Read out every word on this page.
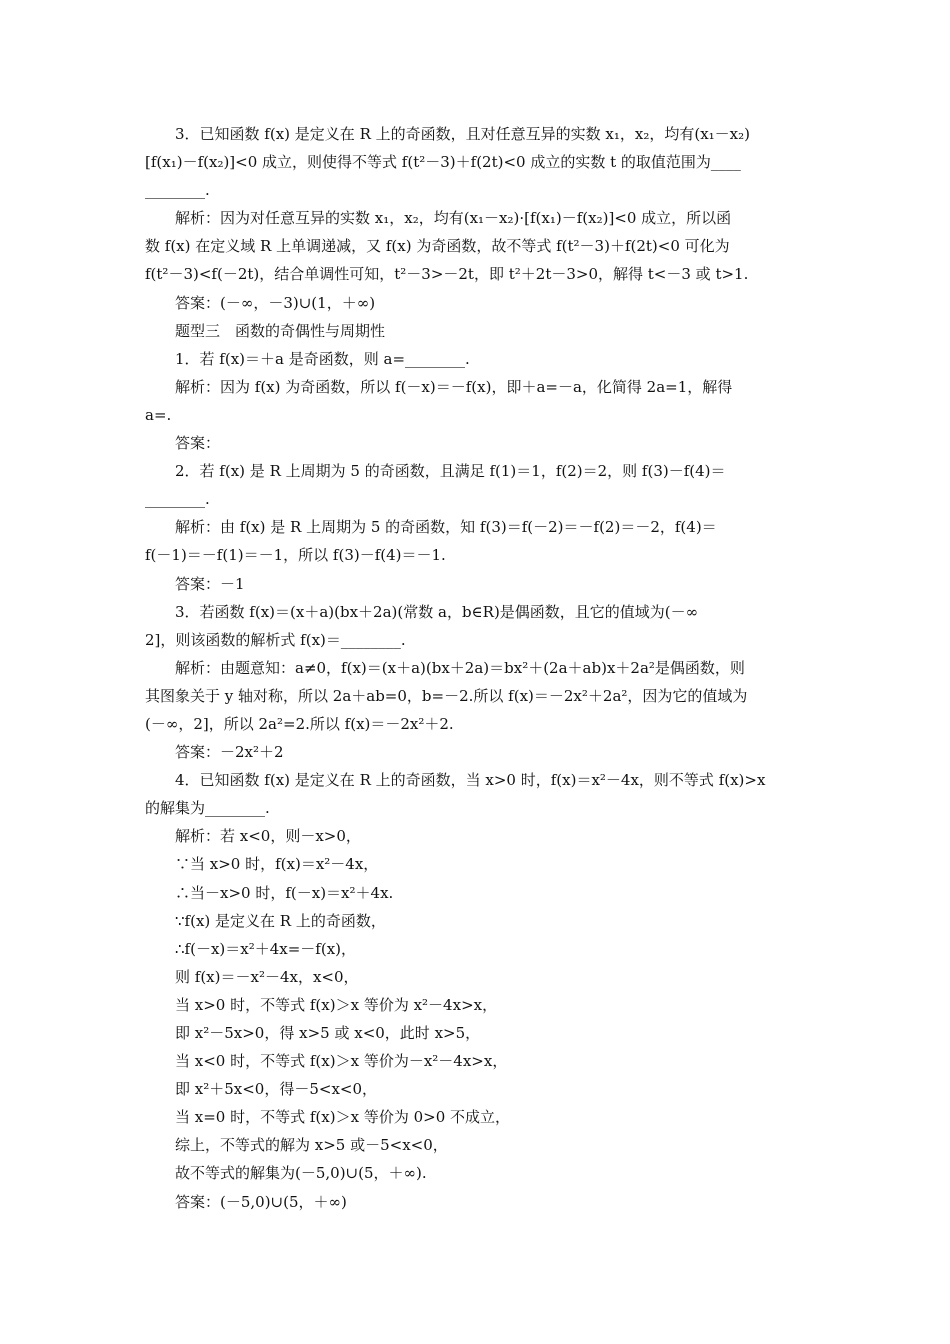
3．已知函数 f(x) 是定义在 R 上的奇函数，且对任意互异的实数 x₁，x₂，均有(x₁－x₂)
[f(x₁)－f(x₂)]<0 成立，则使得不等式 f(t²－3)＋f(2t)<0 成立的实数 t 的取值范围为____
________.
解析：因为对任意互异的实数 x₁，x₂，均有(x₁－x₂)·[f(x₁)－f(x₂)]<0 成立，所以函
数 f(x) 在定义域 R 上单调递减，又 f(x) 为奇函数，故不等式 f(t²－3)＋f(2t)<0 可化为
f(t²－3)<f(－2t)，结合单调性可知，t²－3>－2t，即 t²＋2t－3>0，解得 t<－3 或 t>1.
答案：(－∞，－3)∪(1，＋∞)
题型三　函数的奇偶性与周期性
1．若 f(x)＝＋a 是奇函数，则 a=________.
解析：因为 f(x) 为奇函数，所以 f(－x)＝－f(x)，即＋a=－a，化简得 2a=1，解得
a=.
答案：
2．若 f(x) 是 R 上周期为 5 的奇函数，且满足 f(1)＝1，f(2)＝2，则 f(3)－f(4)＝
________.
解析：由 f(x) 是 R 上周期为 5 的奇函数，知 f(3)＝f(－2)＝－f(2)＝－2，f(4)＝
f(－1)＝－f(1)＝－1，所以 f(3)－f(4)＝－1.
答案：－1
3．若函数 f(x)＝(x＋a)(bx＋2a)(常数 a，b∈R)是偶函数，且它的值域为(－∞
2]，则该函数的解析式 f(x)＝________.
解析：由题意知：a≠0，f(x)＝(x＋a)(bx＋2a)＝bx²＋(2a＋ab)x＋2a²是偶函数，则
其图象关于 y 轴对称，所以 2a＋ab=0，b=－2.所以 f(x)＝－2x²＋2a²，因为它的值域为
(－∞，2]，所以 2a²=2.所以 f(x)＝－2x²＋2.
答案：－2x²＋2
4．已知函数 f(x) 是定义在 R 上的奇函数，当 x>0 时，f(x)＝x²－4x，则不等式 f(x)>x
的解集为________.
解析：若 x<0，则－x>0，
∵当 x>0 时，f(x)＝x²－4x，
∴当－x>0 时，f(－x)＝x²＋4x.
∵f(x) 是定义在 R 上的奇函数，
∴f(－x)＝x²＋4x=－f(x)，
则 f(x)＝－x²－4x，x<0，
当 x>0 时，不等式 f(x)＞x 等价为 x²－4x>x，
即 x²－5x>0，得 x>5 或 x<0，此时 x>5，
当 x<0 时，不等式 f(x)＞x 等价为－x²－4x>x，
即 x²＋5x<0，得－5<x<0，
当 x=0 时，不等式 f(x)＞x 等价为 0>0 不成立，
综上，不等式的解为 x>5 或－5<x<0，
故不等式的解集为(－5,0)∪(5，＋∞).
答案：(－5,0)∪(5，＋∞)
